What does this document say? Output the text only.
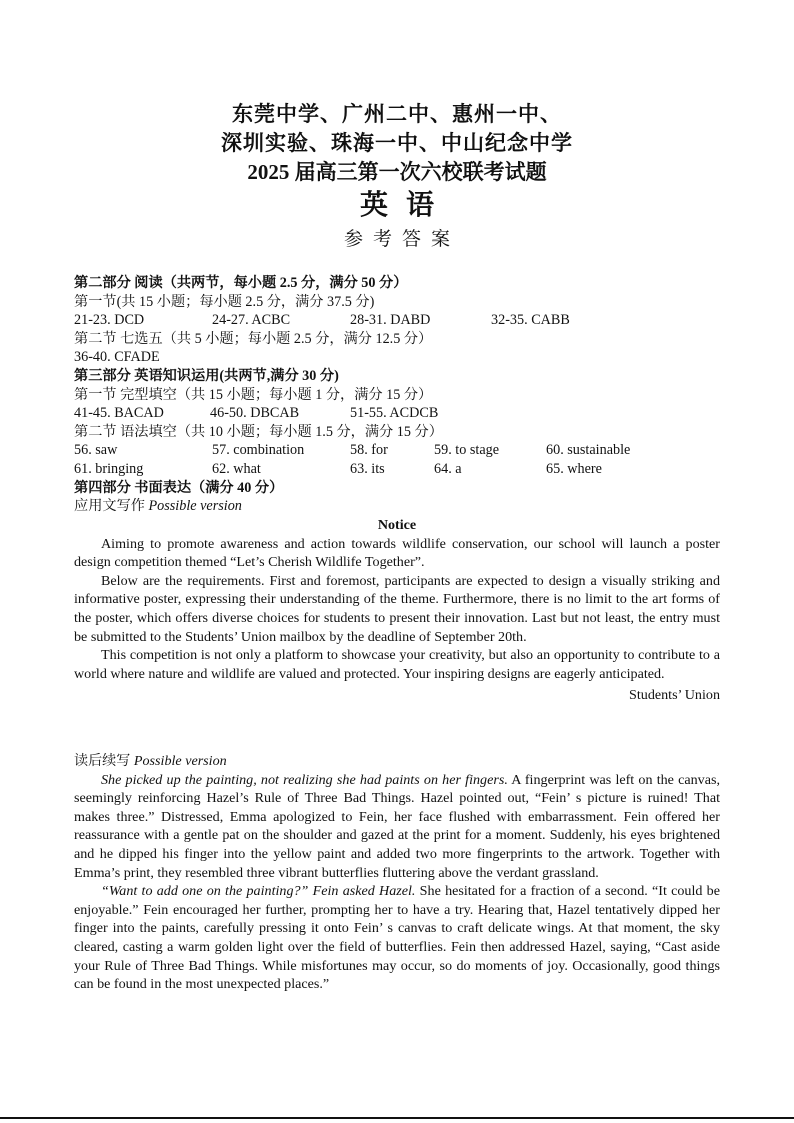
东莞中学、广州二中、惠州一中、
深圳实验、珠海一中、中山纪念中学
2025 届高三第一次六校联考试题
英语
参考答案
第二部分 阅读（共两节，每小题 2.5 分，满分 50 分）
第一节(共 15 小题；每小题 2.5 分，满分 37.5 分)
21-23. DCD	24-27. ACBC	28-31. DABD	32-35. CABB
第二节 七选五（共 5 小题；每小题 2.5 分，满分 12.5 分）
36-40. CFADE
第三部分 英语知识运用(共两节,满分 30 分)
第一节 完型填空（共 15 小题；每小题 1 分，满分 15 分）
41-45. BACAD	46-50. DBCAB	51-55. ACDCB
第二节 语法填空（共 10 小题；每小题 1.5 分，满分 15 分）
56. saw	57. combination	58. for	59. to stage	60. sustainable
61. bringing	62. what	63. its	64. a	65. where
第四部分 书面表达（满分 40 分）
应用文写作 Possible version

Notice

Aiming to promote awareness and action towards wildlife conservation, our school will launch a poster design competition themed “Let’s Cherish Wildlife Together”.

Below are the requirements. First and foremost, participants are expected to design a visually striking and informative poster, expressing their understanding of the theme. Furthermore, there is no limit to the art forms of the poster, which offers diverse choices for students to present their innovation. Last but not least, the entry must be submitted to the Students’ Union mailbox by the deadline of September 20th.

This competition is not only a platform to showcase your creativity, but also an opportunity to contribute to a world where nature and wildlife are valued and protected. Your inspiring designs are eagerly anticipated.

Students’ Union

读后续写 Possible version

She picked up the painting, not realizing she had paints on her fingers. A fingerprint was left on the canvas, seemingly reinforcing Hazel’s Rule of Three Bad Things. Hazel pointed out, “Fein’ s picture is ruined! That makes three.” Distressed, Emma apologized to Fein, her face flushed with embarrassment. Fein offered her reassurance with a gentle pat on the shoulder and gazed at the print for a moment. Suddenly, his eyes brightened and he dipped his finger into the yellow paint and added two more fingerprints to the artwork. Together with Emma’s print, they resembled three vibrant butterflies fluttering above the verdant grassland.

“Want to add one on the painting?” Fein asked Hazel. She hesitated for a fraction of a second. “It could be enjoyable.” Fein encouraged her further, prompting her to have a try. Hearing that, Hazel tentatively dipped her finger into the paints, carefully pressing it onto Fein’ s canvas to craft delicate wings. At that moment, the sky cleared, casting a warm golden light over the field of butterflies. Fein then addressed Hazel, saying, “Cast aside your Rule of Three Bad Things. While misfortunes may occur, so do moments of joy. Occasionally, good things can be found in the most unexpected places.”
